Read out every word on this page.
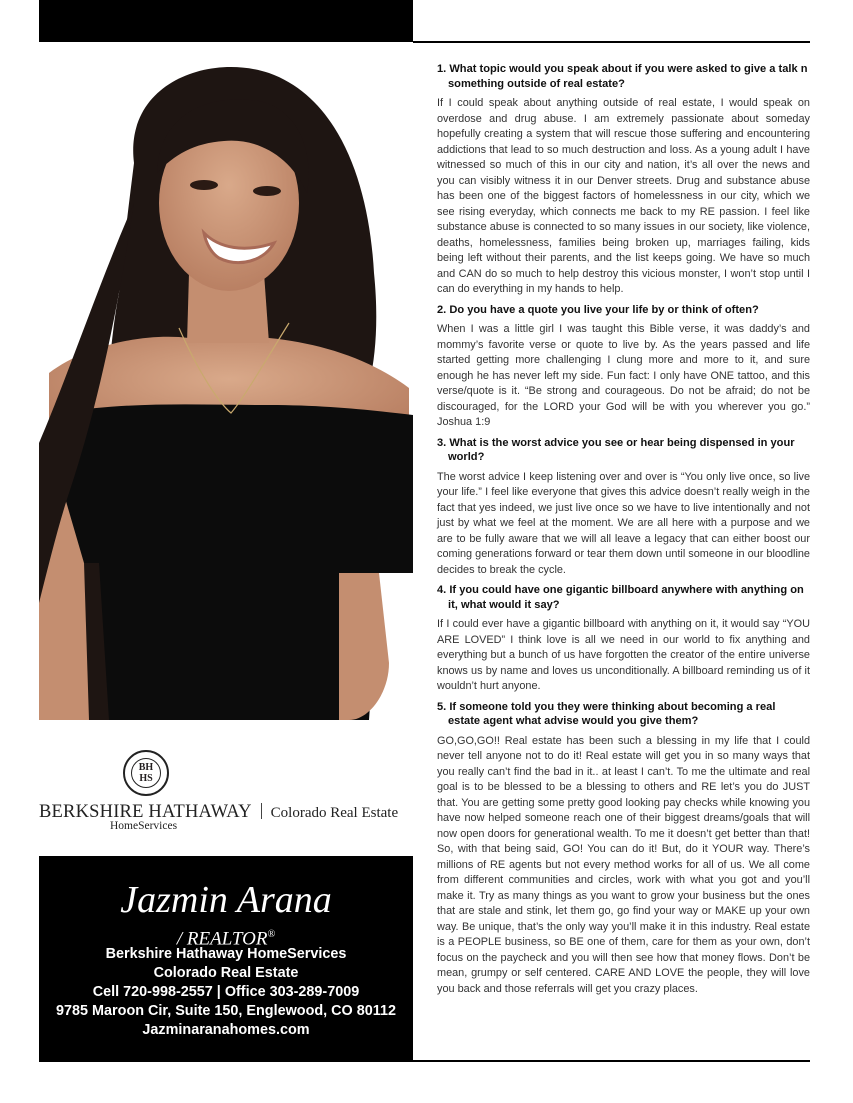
BH HS
BERKSHIRE HATHAWAY Colorado Real Estate
HomeServices
Jazmin Arana
/ REALTOR®
Berkshire Hathaway HomeServices
Colorado Real Estate
Cell 720-998-2557 | Office 303-289-7009
9785 Maroon Cir, Suite 150, Englewood, CO 80112
Jazminaranahomes.com

1. What topic would you speak about if you were asked to give a talk n something outside of real estate?

If I could speak about anything outside of real estate, I would speak on overdose and drug abuse. I am extremely passionate about someday hopefully creating a system that will rescue those suffering and encountering addictions that lead to so much destruction and loss. As a young adult I have witnessed so much of this in our city and nation, it’s all over the news and you can visibly witness it in our Denver streets. Drug and substance abuse has been one of the biggest factors of homelessness in our city, which we see rising everyday, which connects me back to my RE passion. I feel like substance abuse is connected to so many issues in our society, like violence, deaths, homelessness, families being broken up, marriages failing, kids being left without their parents, and the list keeps going. We have so much and CAN do so much to help destroy this vicious monster, I won’t stop until I can do everything in my hands to help.

2. Do you have a quote you live your life by or think of often?

When I was a little girl I was taught this Bible verse, it was daddy’s and mommy’s favorite verse or quote to live by. As the years passed and life started getting more challenging I clung more and more to it, and sure enough he has never left my side. Fun fact: I only have ONE tattoo, and this verse/quote is it. “Be strong and courageous. Do not be afraid; do not be discouraged, for the LORD your God will be with you wherever you go.” Joshua 1:9

3. What is the worst advice you see or hear being dispensed in your world?

The worst advice I keep listening over and over is “You only live once, so live your life.” I feel like everyone that gives this advice doesn’t really weigh in the fact that yes indeed, we just live once so we have to live intentionally and not just by what we feel at the moment. We are all here with a purpose and we are to be fully aware that we will all leave a legacy that can either boost our coming generations forward or tear them down until someone in our bloodline decides to break the cycle.

4. If you could have one gigantic billboard anywhere with anything on it, what would it say?

If I could ever have a gigantic billboard with anything on it, it would say “YOU ARE LOVED” I think love is all we need in our world to fix anything and everything but a bunch of us have forgotten the creator of the entire universe knows us by name and loves us unconditionally. A billboard reminding us of it wouldn’t hurt anyone.

5. If someone told you they were thinking about becoming a real estate agent what advise would you give them?

GO,GO,GO!! Real estate has been such a blessing in my life that I could never tell anyone not to do it! Real estate will get you in so many ways that you really can’t find the bad in it.. at least I can’t. To me the ultimate and real goal is to be blessed to be a blessing to others and RE let’s you do JUST that. You are getting some pretty good looking pay checks while knowing you have now helped someone reach one of their biggest dreams/goals that will now open doors for generational wealth. To me it doesn’t get better than that! So, with that being said, GO! You can do it! But, do it YOUR way. There’s millions of RE agents but not every method works for all of us. We all come from different communities and circles, work with what you got and you’ll make it. Try as many things as you want to grow your business but the ones that are stale and stink, let them go, go find your way or MAKE up your own way. Be unique, that’s the only way you’ll make it in this industry. Real estate is a PEOPLE business, so BE one of them, care for them as your own, don’t focus on the paycheck and you will then see how that money flows. Don’t be mean, grumpy or self centered. CARE AND LOVE the people, they will love you back and those referrals will get you crazy places.
